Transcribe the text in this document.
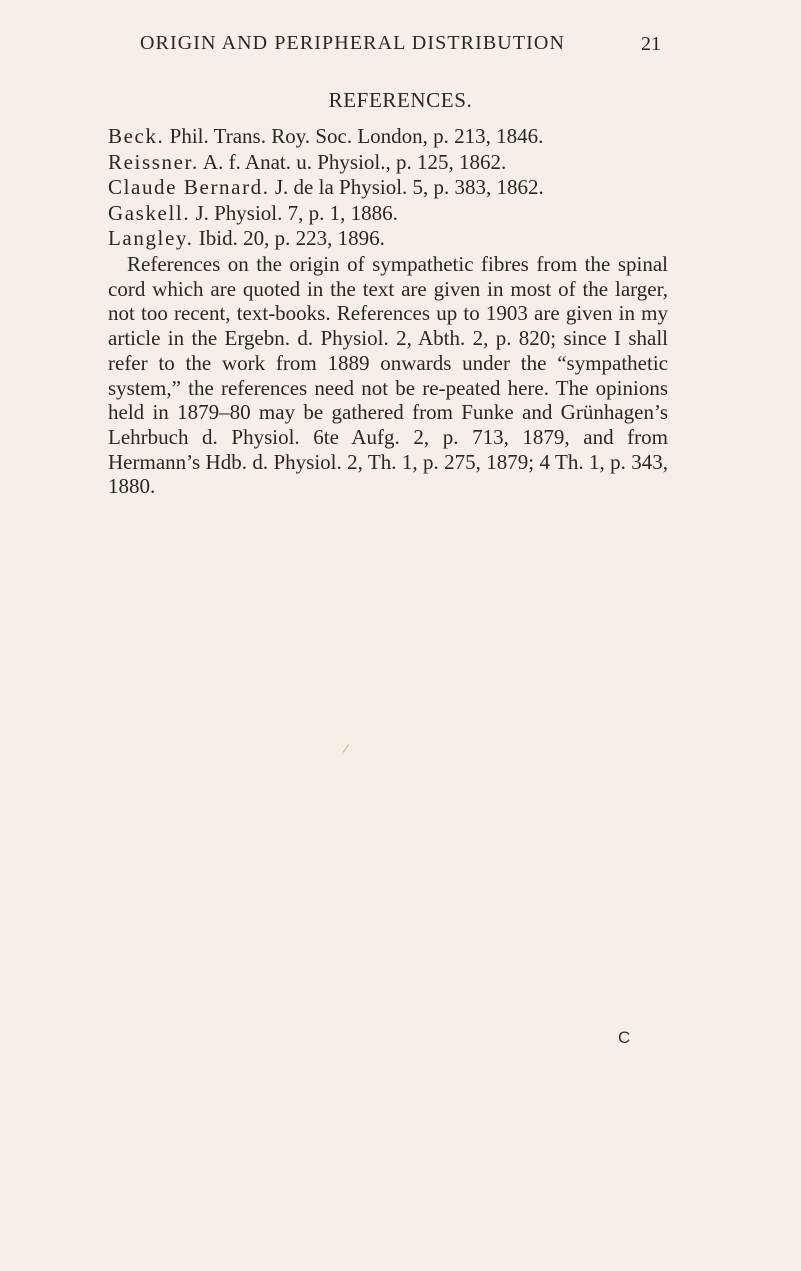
ORIGIN AND PERIPHERAL DISTRIBUTION	21
REFERENCES.
Beck. Phil. Trans. Roy. Soc. London, p. 213, 1846.
Reissner. A. f. Anat. u. Physiol., p. 125, 1862.
Claude Bernard. J. de la Physiol. 5, p. 383, 1862.
Gaskell. J. Physiol. 7, p. 1, 1886.
Langley. Ibid. 20, p. 223, 1896.

References on the origin of sympathetic fibres from the spinal cord which are quoted in the text are given in most of the larger, not too recent, text-books. References up to 1903 are given in my article in the Ergebn. d. Physiol. 2, Abth. 2, p. 820; since I shall refer to the work from 1889 onwards under the “sympathetic system,” the references need not be re-peated here. The opinions held in 1879–80 may be gathered from Funke and Grünhagen’s Lehrbuch d. Physiol. 6te Aufg. 2, p. 713, 1879, and from Hermann’s Hdb. d. Physiol. 2, Th. 1, p. 275, 1879; 4 Th. 1, p. 343, 1880.

C
